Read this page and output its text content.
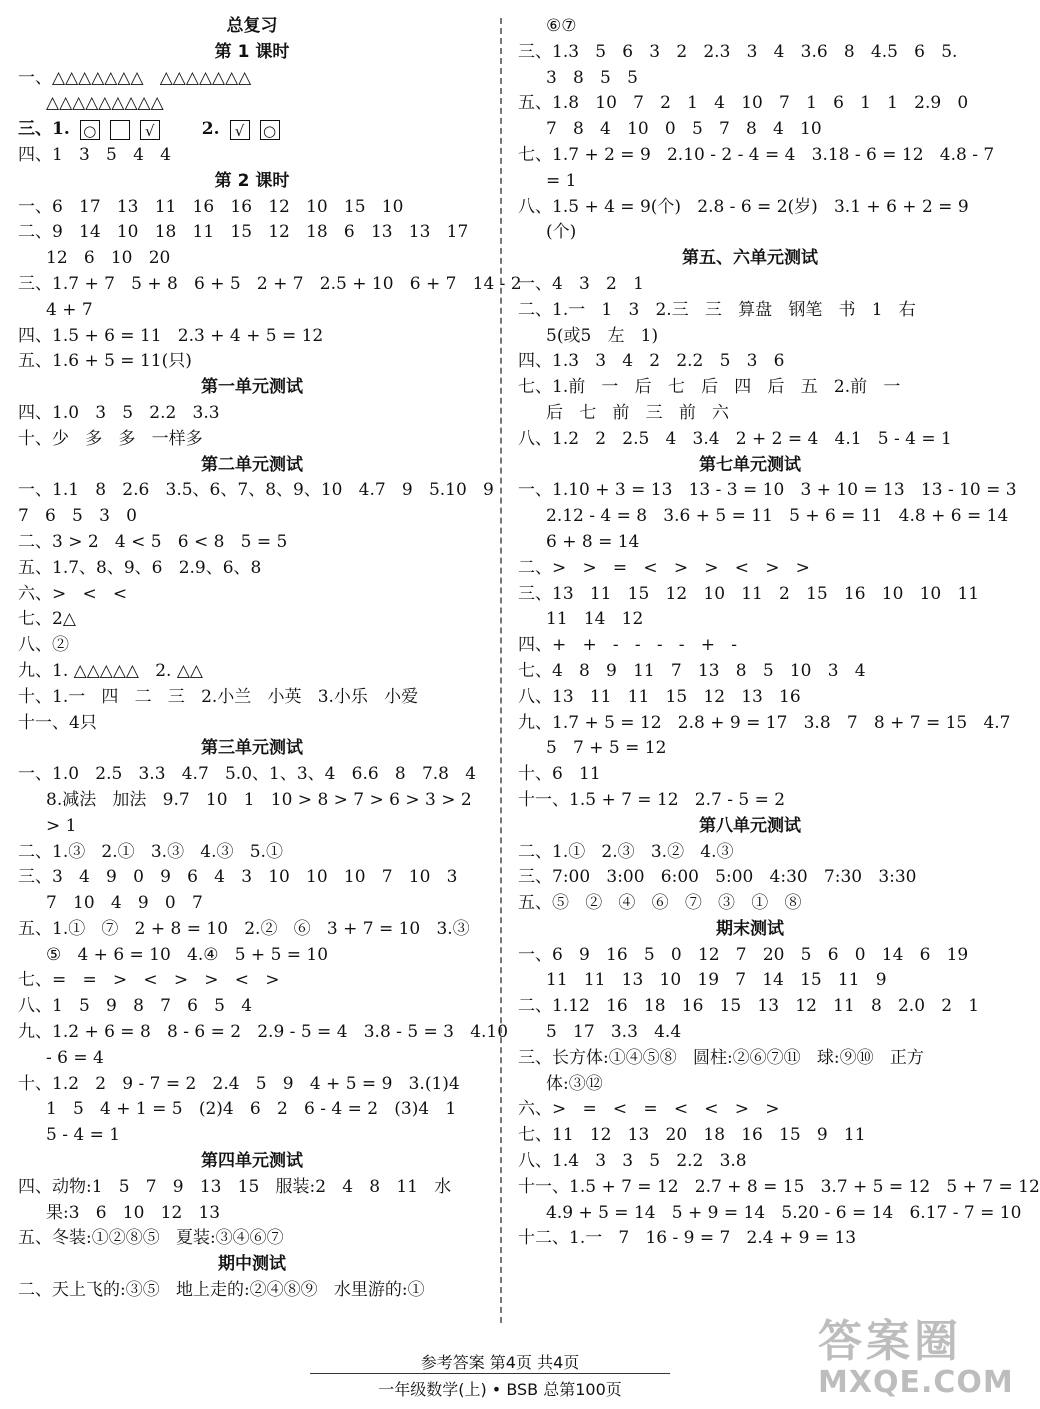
总复习
第 1 课时
一、△△△△△△△   △△△△△△△
△△△△△△△△△
三、1. ○	√	2.	√	○
四、1   3   5   4   4
第 2 课时
一、6   17   13   11   16   16   12   10   15   10
二、9   14   10   18   11   15   12   18   6   13   13   17
12   6   10   20
三、1.7 + 7   5 + 8   6 + 5   2 + 7   2.5 + 10   6 + 7   14 - 2
4 + 7
四、1.5 + 6 = 11   2.3 + 4 + 5 = 12
五、1.6 + 5 = 11(只)
第一单元测试
四、1.0   3   5   2.2   3.3
十、少   多   多   一样多
第二单元测试
一、1.1   8   2.6   3.5、6、7、8、9、10   4.7   9   5.10   9
7   6   5   3   0
二、3 > 2   4 < 5   6 < 8   5 = 5
五、1.7、8、9、6   2.9、6、8
六、>   <   <
七、2△
八、②
九、1. △△△△△   2. △△
十、1.一   四   二   三   2.小兰   小英   3.小乐   小爱
十一、4只
第三单元测试
一、1.0   2.5   3.3   4.7   5.0、1、3、4   6.6   8   7.8   4
8.减法   加法   9.7   10   1   10 > 8 > 7 > 6 > 3 > 2
> 1
二、1.③   2.①   3.③   4.③   5.①
三、3   4   9   0   9   6   4   3   10   10   10   7   10   3
7   10   4   9   0   7
五、1.①   ⑦   2 + 8 = 10   2.②   ⑥   3 + 7 = 10   3.③
⑤   4 + 6 = 10   4.④   5 + 5 = 10
七、=   =   >   <   >   >   <   >
八、1   5   9   8   7   6   5   4
九、1.2 + 6 = 8   8 - 6 = 2   2.9 - 5 = 4   3.8 - 5 = 3   4.10
- 6 = 4
十、1.2   2   9 - 7 = 2   2.4   5   9   4 + 5 = 9   3.(1)4
1   5   4 + 1 = 5   (2)4   6   2   6 - 4 = 2   (3)4   1
5 - 4 = 1
第四单元测试
四、动物:1   5   7   9   13   15   服装:2   4   8   11   水
果:3   6   10   12   13
五、冬装:①②⑧⑤   夏装:③④⑥⑦
期中测试
二、天上飞的:③⑤   地上走的:②④⑧⑨   水里游的:①
⑥⑦
三、1.3   5   6   3   2   2.3   3   4   3.6   8   4.5   6   5.
3   8   5   5
五、1.8   10   7   2   1   4   10   7   1   6   1   1   2.9   0
7   8   4   10   0   5   7   8   4   10
七、1.7 + 2 = 9   2.10 - 2 - 4 = 4   3.18 - 6 = 12   4.8 - 7
= 1
八、1.5 + 4 = 9(个)   2.8 - 6 = 2(岁)   3.1 + 6 + 2 = 9
(个)
第五、六单元测试
一、4   3   2   1
二、1.一   1   3   2.三   三   算盘   钢笔   书   1   右
5(或5   左   1)
四、1.3   3   4   2   2.2   5   3   6
七、1.前   一   后   七   后   四   后   五   2.前   一
后   七   前   三   前   六
八、1.2   2   2.5   4   3.4   2 + 2 = 4   4.1   5 - 4 = 1
第七单元测试
一、1.10 + 3 = 13   13 - 3 = 10   3 + 10 = 13   13 - 10 = 3
2.12 - 4 = 8   3.6 + 5 = 11   5 + 6 = 11   4.8 + 6 = 14
6 + 8 = 14
二、>   >   =   <   >   >   <   >   >
三、13   11   15   12   10   11   2   15   16   10   10   11
11   14   12
四、+   +   -   -   -   -   +   -
七、4   8   9   11   7   13   8   5   10   3   4
八、13   11   11   15   12   13   16
九、1.7 + 5 = 12   2.8 + 9 = 17   3.8   7   8 + 7 = 15   4.7
5   7 + 5 = 12
十、6   11
十一、1.5 + 7 = 12   2.7 - 5 = 2
第八单元测试
二、1.①   2.③   3.②   4.③
三、7:00   3:00   6:00   5:00   4:30   7:30   3:30
五、⑤   ②   ④   ⑥   ⑦   ③   ①   ⑧
期末测试
一、6   9   16   5   0   12   7   20   5   6   0   14   6   19
11   11   13   10   19   7   14   15   11   9
二、1.12   16   18   16   15   13   12   11   8   2.0   2   1
5   17   3.3   4.4
三、长方体:①④⑤⑧   圆柱:②⑥⑦⑪   球:⑨⑩   正方
体:③⑫
六、>   =   <   =   <   <   >   >
七、11   12   13   20   18   16   15   9   11
八、1.4   3   3   5   2.2   3.8
十一、1.5 + 7 = 12   2.7 + 8 = 15   3.7 + 5 = 12   5 + 7 = 12
4.9 + 5 = 14   5 + 9 = 14   5.20 - 6 = 14   6.17 - 7 = 10
十二、1.一   7   16 - 9 = 7   2.4 + 9 = 13
参考答案 第4页 共4页
一年级数学(上) • BSB 总第100页
答案圈
MXQE.COM
